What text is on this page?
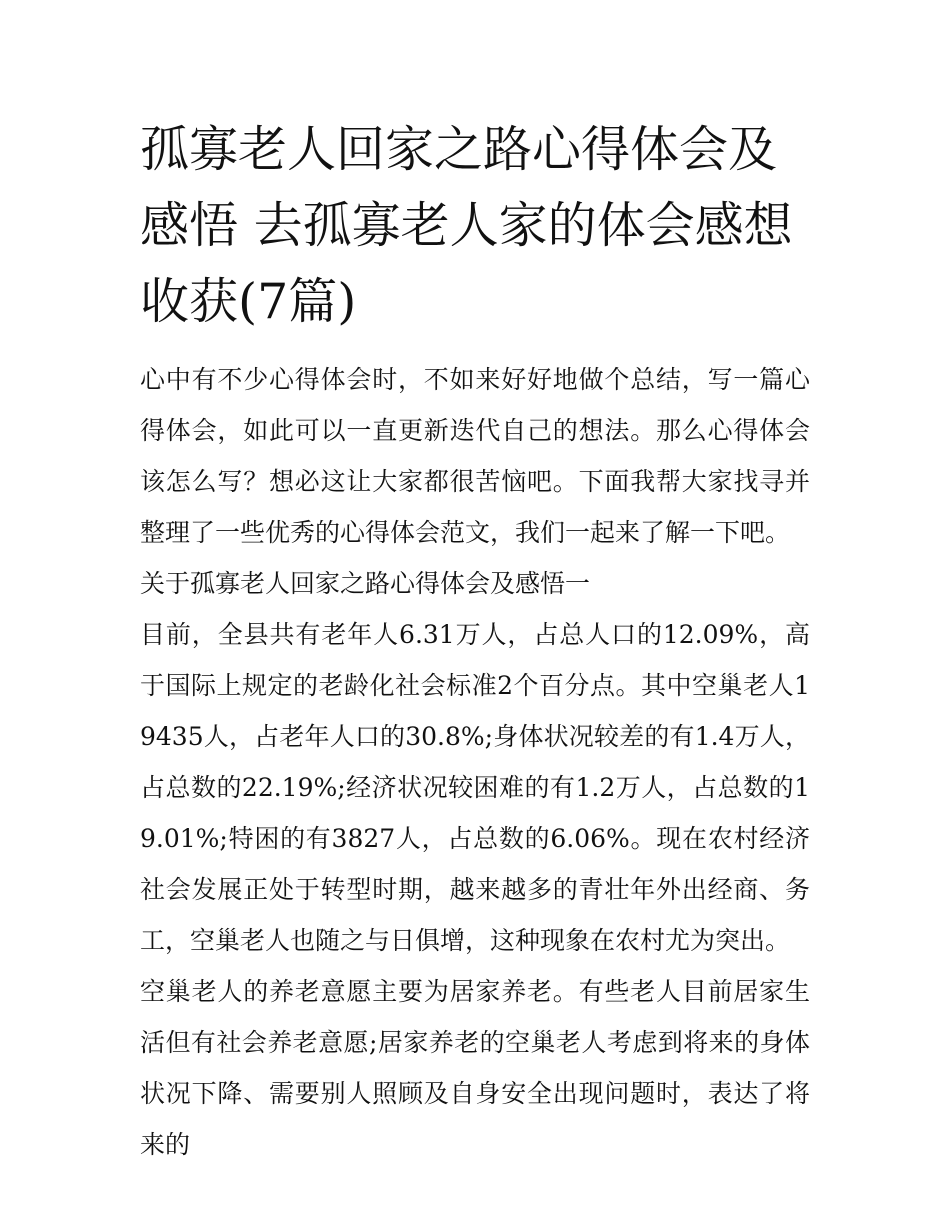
孤寡老人回家之路心得体会及感悟 去孤寡老人家的体会感想收获(7篇)

心中有不少心得体会时，不如来好好地做个总结，写一篇心得体会，如此可以一直更新迭代自己的想法。那么心得体会该怎么写？想必这让大家都很苦恼吧。下面我帮大家找寻并整理了一些优秀的心得体会范文，我们一起来了解一下吧。

关于孤寡老人回家之路心得体会及感悟一

目前，全县共有老年人6.31万人，占总人口的12.09%，高于国际上规定的老龄化社会标准2个百分点。其中空巢老人19435人，占老年人口的30.8%;身体状况较差的有1.4万人，占总数的22.19%;经济状况较困难的有1.2万人，占总数的19.01%;特困的有3827人，占总数的6.06%。现在农村经济社会发展正处于转型时期，越来越多的青壮年外出经商、务工，空巢老人也随之与日俱增，这种现象在农村尤为突出。

空巢老人的养老意愿主要为居家养老。有些老人目前居家生活但有社会养老意愿;居家养老的空巢老人考虑到将来的身体状况下降、需要别人照顾及自身安全出现问题时，表达了将来的
